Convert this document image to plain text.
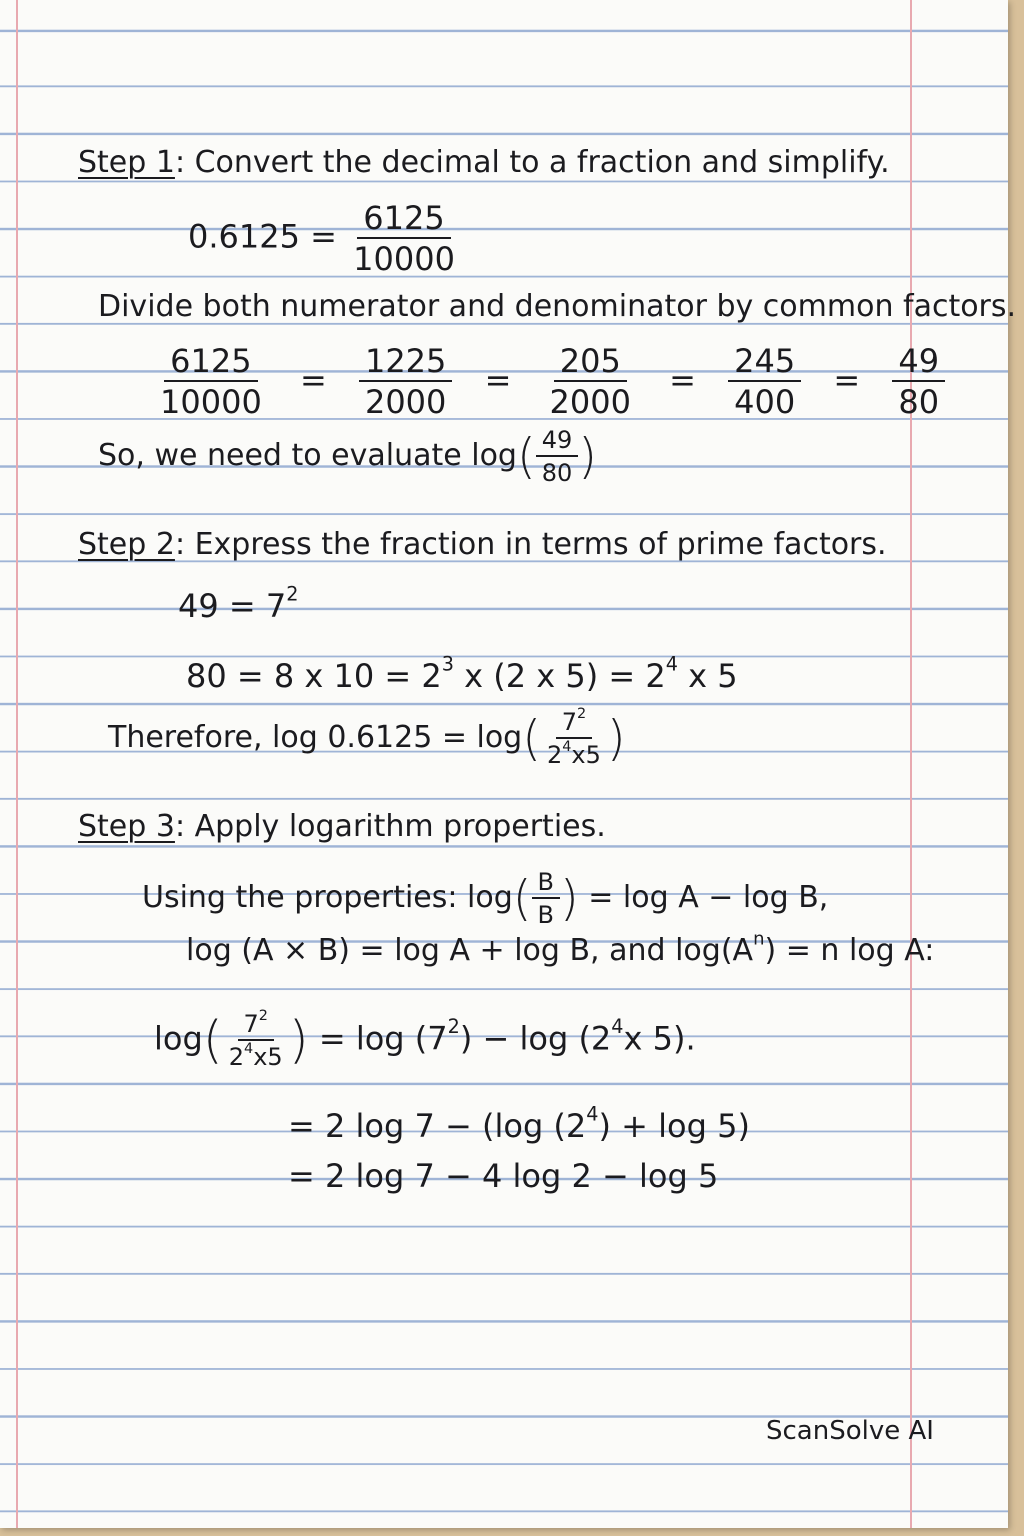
Step 1: Convert the decimal to a fraction and simplify.
$0.6125 = \frac{6125}{10000}$
Divide both numerator and denominator by common factors.
$\frac{6125}{10000} = \frac{1225}{2000} = \frac{205}{2000} = \frac{245}{400} = \frac{49}{80}$
So, we need to evaluate $\log( \frac{49}{80}$ )
Step 2: Express the fraction in terms of prime factors.
$49 = 7^2$
80 = 8 x $10 = 2^3$ x (2 x $5) = 2^4$ x 5
Therefore, $\log 0.6125 = \log( \frac{7^2}{2^4x5}$ )
Step 3: Apply logarithm properties.
Using the properties: $\log( \frac{B}{B}$ ) = log A − log B,
log (A × B) = log A + log B, and $\log(A^n) = n$ log A:
$\log( \frac{7^2}{2^4x5}$ ) = $\log (7^2) - \log (2^4x$ 5).
= 2 log 7 − (log $(2^4) + \log 5$)
= 2 log 7 − 4 log 2 − log 5
ScanSolve AI
